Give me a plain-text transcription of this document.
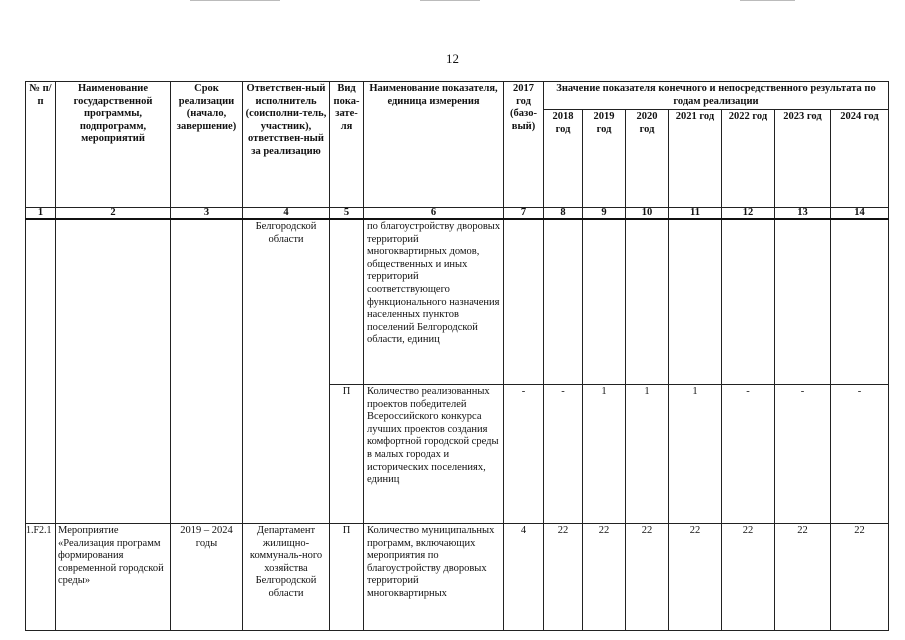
12
№ п/п	Наименование государственной программы, подпрограмм, мероприятий	Срок реализации (начало, завершение)	Ответствен-ный исполнитель (соисполни-тель, участник), ответствен-ный за реализацию	Вид пока-зате-ля	Наименование показателя, единица измерения	2017 год (базо-вый)	Значение показателя конечного и непосредственного результата по годам реализации						
							2018 год	2019 год	2020 год	2021 год	2022 год	2023 год	2024 год
1	2	3	4	5	6	7	8	9	10	11	12	13	14
			Белгородской области		по благоустройству дворовых территорий многоквартирных домов, общественных и иных территорий соответствующего функционального назначения населенных пунктов поселений Белгородской области, единиц								
				П	Количество реализованных проектов победителей Всероссийского конкурса лучших проектов создания комфортной городской среды в малых городах и исторических поселениях, единиц	-	-	1	1	1	-	-	-
1.F2.1	Мероприятие «Реализация программ формирования современной городской среды»	2019 – 2024 годы	Департамент жилищно-коммуналь-ного хозяйства Белгородской области	П	Количество муниципальных программ, включающих мероприятия по благоустройству дворовых территорий многоквартирных	4	22	22	22	22	22	22	22
